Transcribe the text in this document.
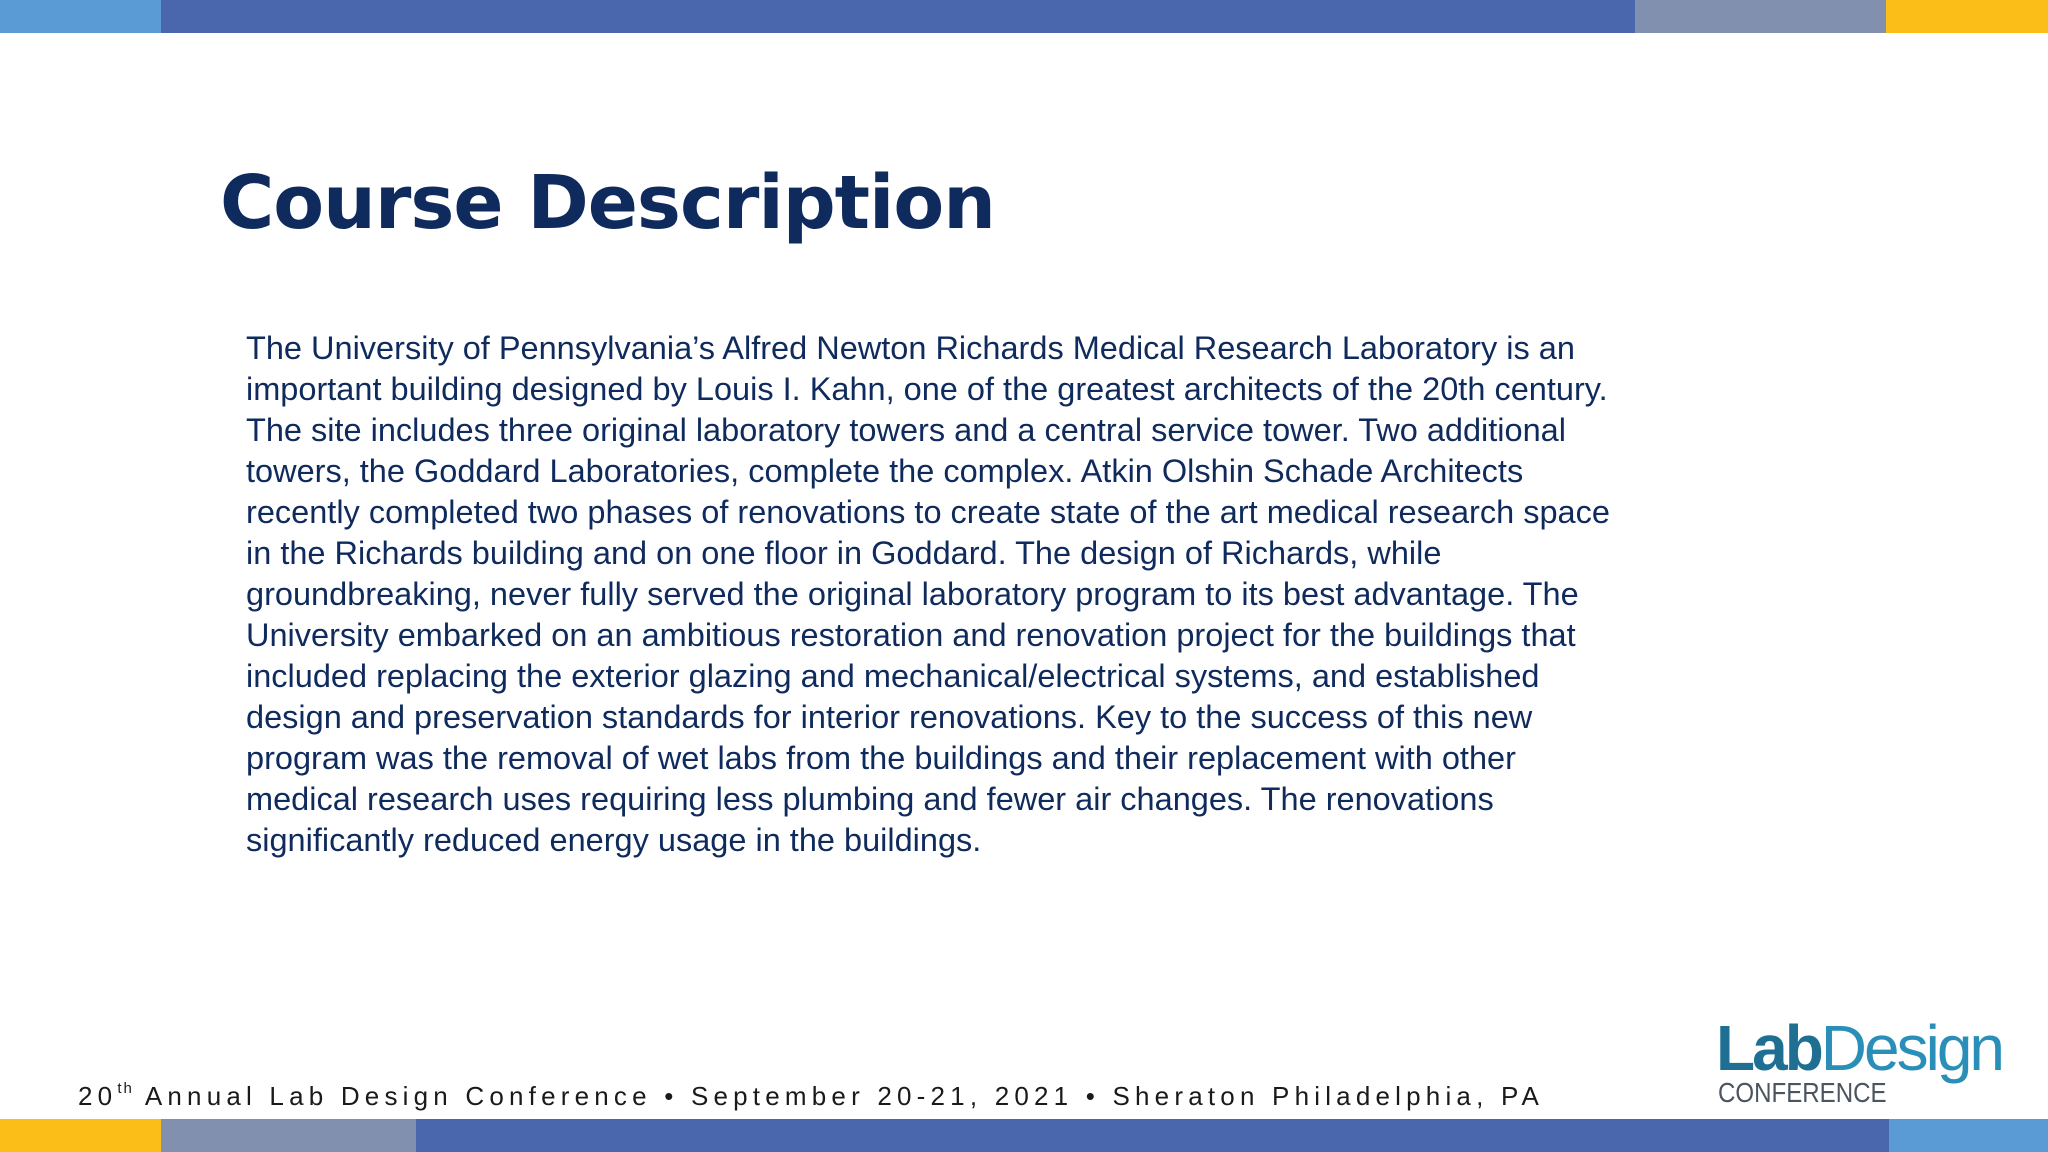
Course Description

The University of Pennsylvania’s Alfred Newton Richards Medical Research Laboratory is an important building designed by Louis I. Kahn, one of the greatest architects of the 20th century. The site includes three original laboratory towers and a central service tower. Two additional towers, the Goddard Laboratories, complete the complex. Atkin Olshin Schade Architects recently completed two phases of renovations to create state of the art medical research space in the Richards building and on one floor in Goddard. The design of Richards, while groundbreaking, never fully served the original laboratory program to its best advantage. The University embarked on an ambitious restoration and renovation project for the buildings that included replacing the exterior glazing and mechanical/electrical systems, and established design and preservation standards for interior renovations. Key to the success of this new program was the removal of wet labs from the buildings and their replacement with other medical research uses requiring less plumbing and fewer air changes. The renovations significantly reduced energy usage in the buildings.

20th Annual Lab Design Conference • September 20-21, 2021 • Sheraton Philadelphia, PA
LabDesign
CONFERENCE
